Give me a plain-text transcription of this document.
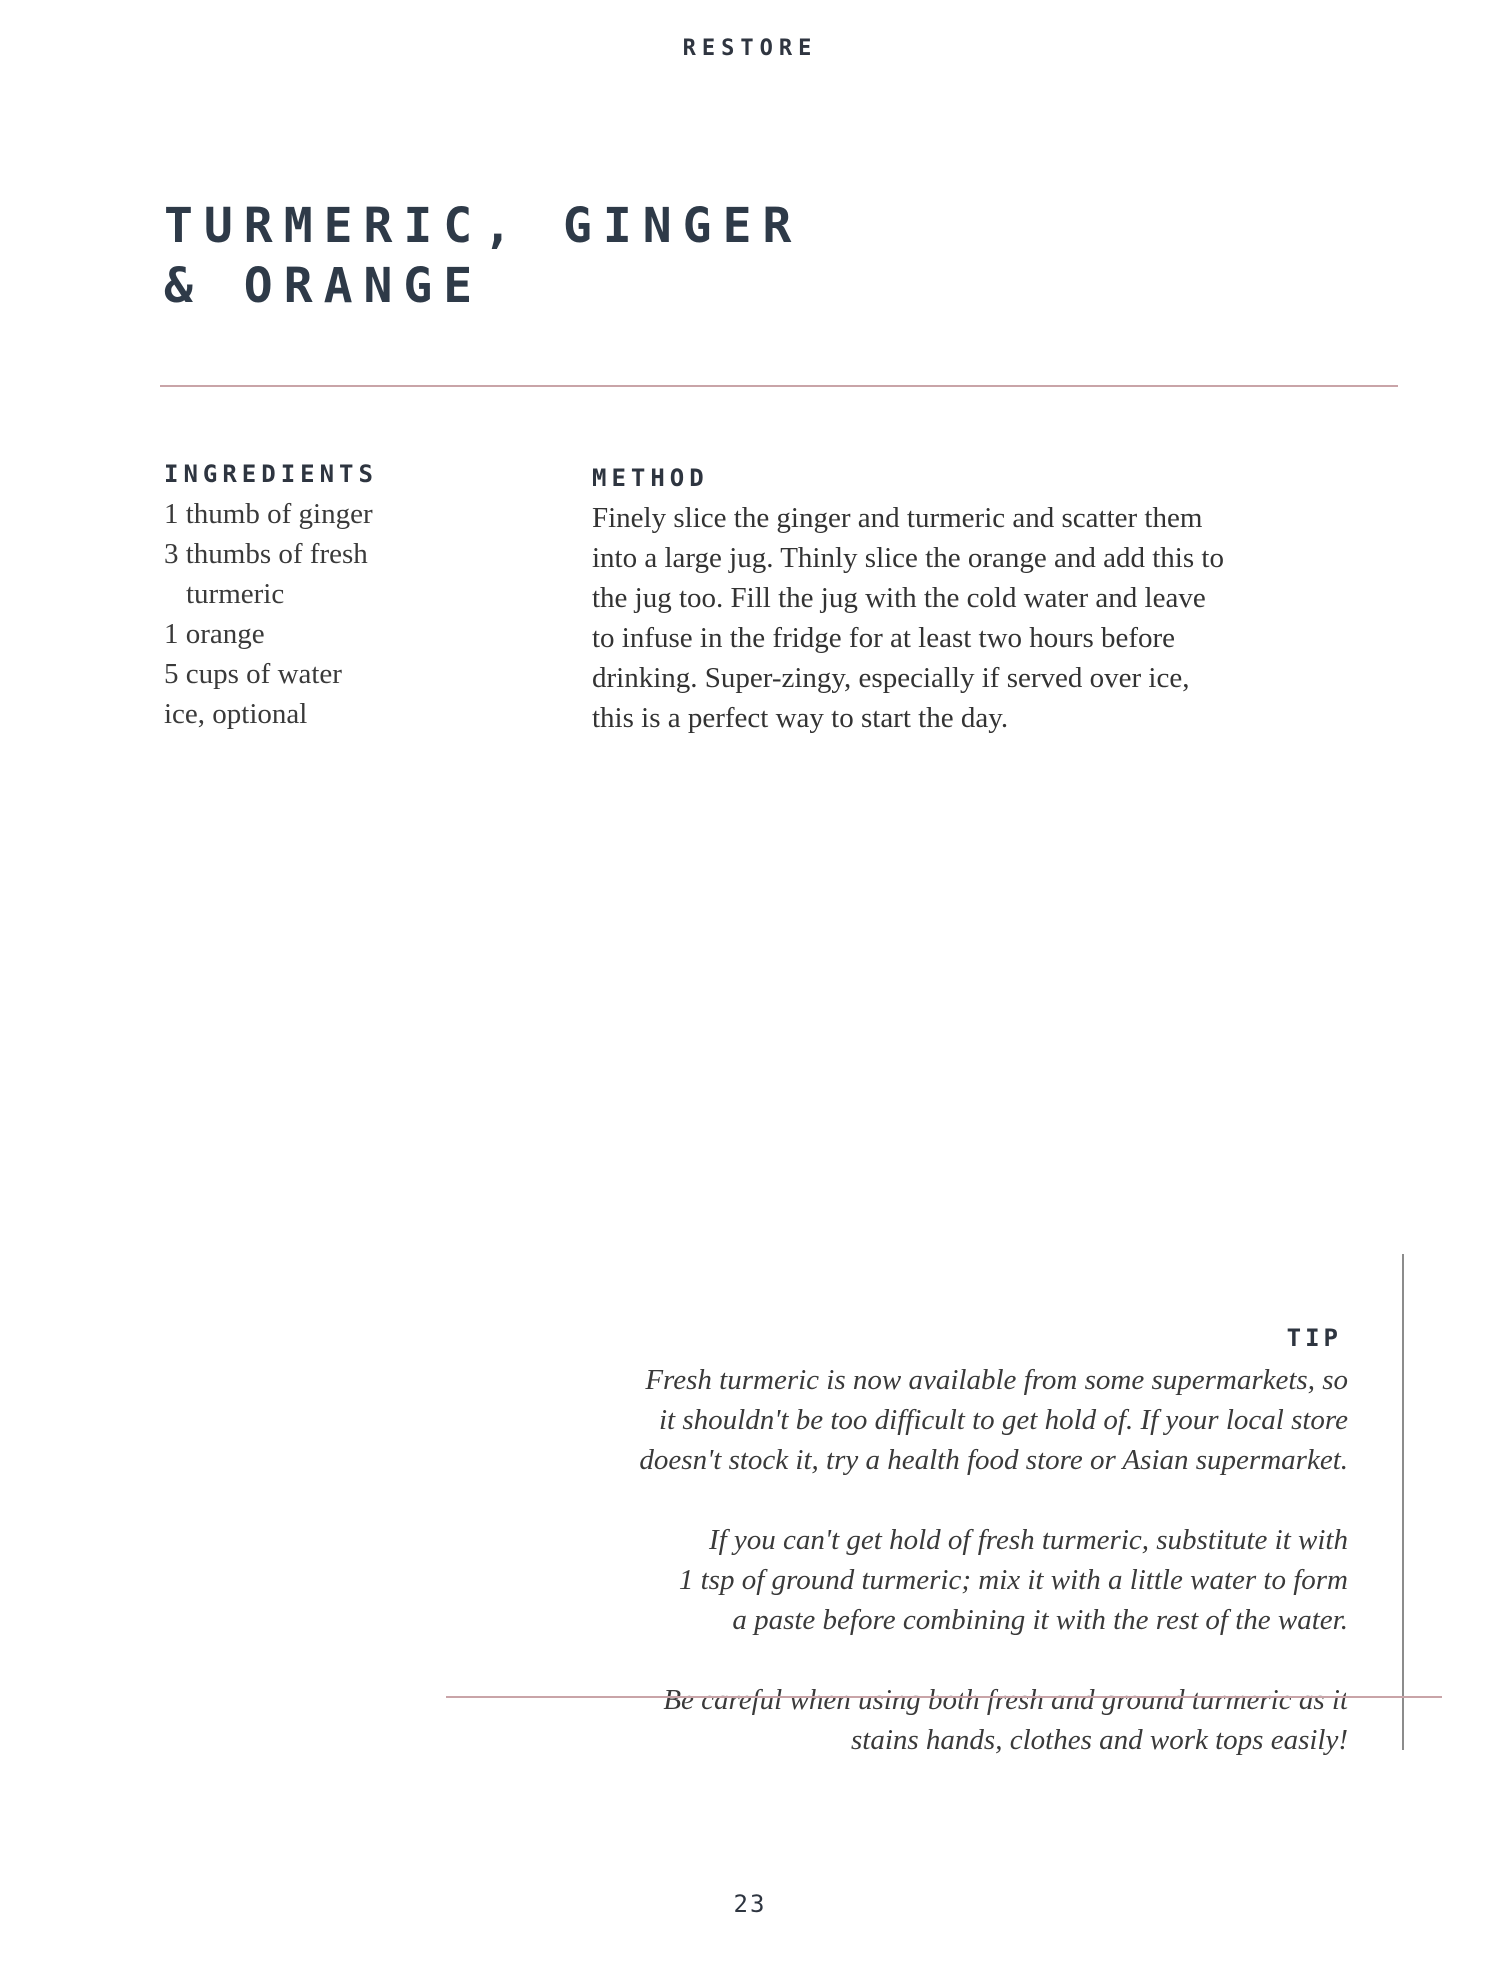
RESTORE
TURMERIC, GINGER
& ORANGE
INGREDIENTS
1 thumb of ginger
3 thumbs of fresh
turmeric
1 orange
5 cups of water
ice, optional
METHOD

Finely slice the ginger and turmeric and scatter them
into a large jug. Thinly slice the orange and add this to
the jug too. Fill the jug with the cold water and leave
to infuse in the fridge for at least two hours before
drinking. Super-zingy, especially if served over ice,
this is a perfect way to start the day.

TIP

Fresh turmeric is now available from some supermarkets, so
it shouldn't be too difficult to get hold of. If your local store
doesn't stock it, try a health food store or Asian supermarket.

If you can't get hold of fresh turmeric, substitute it with
1 tsp of ground turmeric; mix it with a little water to form
a paste before combining it with the rest of the water.

Be careful when using both fresh and ground turmeric as it
stains hands, clothes and work tops easily!

23
